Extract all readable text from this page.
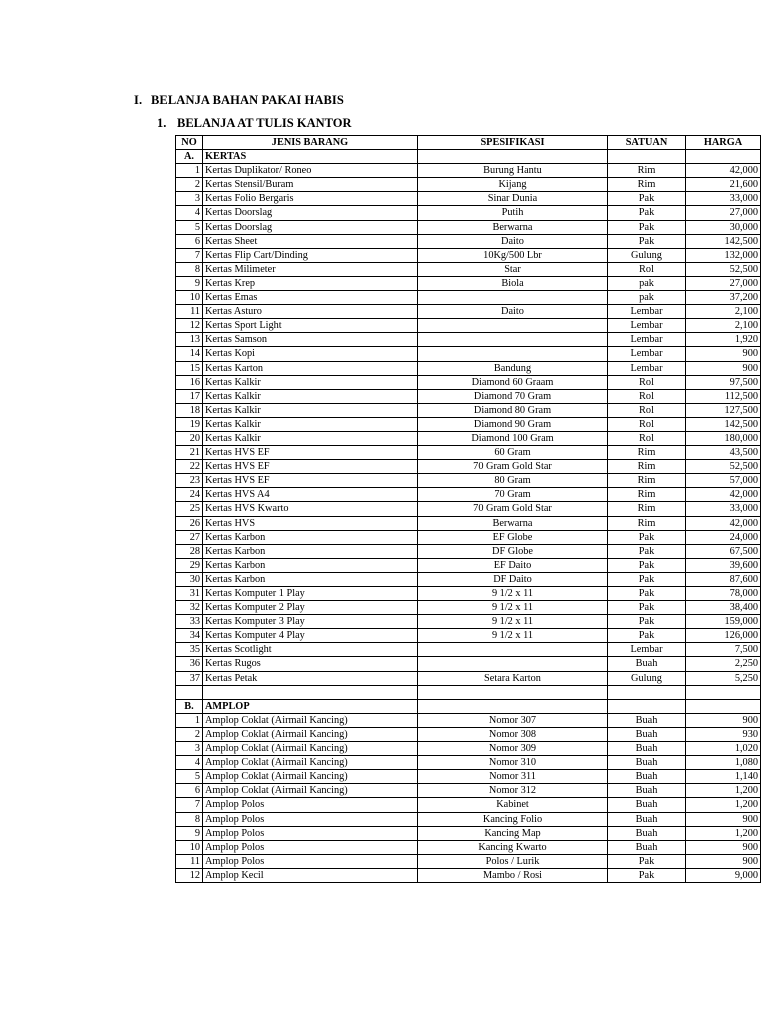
I. BELANJA BAHAN PAKAI HABIS
1. BELANJA AT TULIS KANTOR
NO	JENIS BARANG	SPESIFIKASI	SATUAN	HARGA
A.	KERTAS			
1	Kertas Duplikator/ Roneo	Burung Hantu	Rim	42,000
2	Kertas Stensil/Buram	Kijang	Rim	21,600
3	Kertas Folio Bergaris	Sinar Dunia	Pak	33,000
4	Kertas Doorslag	Putih	Pak	27,000
5	Kertas Doorslag	Berwarna	Pak	30,000
6	Kertas Sheet	Daito	Pak	142,500
7	Kertas Flip Cart/Dinding	10Kg/500 Lbr	Gulung	132,000
8	Kertas Milimeter	Star	Rol	52,500
9	Kertas Krep	Biola	pak	27,000
10	Kertas Emas		pak	37,200
11	Kertas Asturo	Daito	Lembar	2,100
12	Kertas Sport Light		Lembar	2,100
13	Kertas Samson		Lembar	1,920
14	Kertas Kopi		Lembar	900
15	Kertas Karton	Bandung	Lembar	900
16	Kertas Kalkir	Diamond 60 Graam	Rol	97,500
17	Kertas Kalkir	Diamond 70 Gram	Rol	112,500
18	Kertas Kalkir	Diamond 80 Gram	Rol	127,500
19	Kertas Kalkir	Diamond 90 Gram	Rol	142,500
20	Kertas Kalkir	Diamond 100 Gram	Rol	180,000
21	Kertas HVS EF	60 Gram	Rim	43,500
22	Kertas HVS EF	70 Gram Gold Star	Rim	52,500
23	Kertas HVS EF	80 Gram	Rim	57,000
24	Kertas HVS A4	70 Gram	Rim	42,000
25	Kertas HVS Kwarto	70 Gram Gold Star	Rim	33,000
26	Kertas HVS	Berwarna	Rim	42,000
27	Kertas Karbon	EF Globe	Pak	24,000
28	Kertas Karbon	DF Globe	Pak	67,500
29	Kertas Karbon	EF Daito	Pak	39,600
30	Kertas Karbon	DF Daito	Pak	87,600
31	Kertas Komputer 1 Play	9 1/2 x 11	Pak	78,000
32	Kertas Komputer 2 Play	9 1/2 x 11	Pak	38,400
33	Kertas Komputer 3 Play	9 1/2 x 11	Pak	159,000
34	Kertas Komputer 4 Play	9 1/2 x 11	Pak	126,000
35	Kertas Scotlight		Lembar	7,500
36	Kertas Rugos		Buah	2,250
37	Kertas Petak	Setara Karton	Gulung	5,250

B.	AMPLOP			
1	Amplop Coklat (Airmail Kancing)	Nomor 307	Buah	900
2	Amplop Coklat (Airmail Kancing)	Nomor 308	Buah	930
3	Amplop Coklat (Airmail Kancing)	Nomor 309	Buah	1,020
4	Amplop Coklat (Airmail Kancing)	Nomor 310	Buah	1,080
5	Amplop Coklat (Airmail Kancing)	Nomor 311	Buah	1,140
6	Amplop Coklat (Airmail Kancing)	Nomor 312	Buah	1,200
7	Amplop Polos	Kabinet	Buah	1,200
8	Amplop Polos	Kancing Folio	Buah	900
9	Amplop Polos	Kancing Map	Buah	1,200
10	Amplop Polos	Kancing Kwarto	Buah	900
11	Amplop Polos	Polos / Lurik	Pak	900
12	Amplop Kecil	Mambo / Rosi	Pak	9,000
